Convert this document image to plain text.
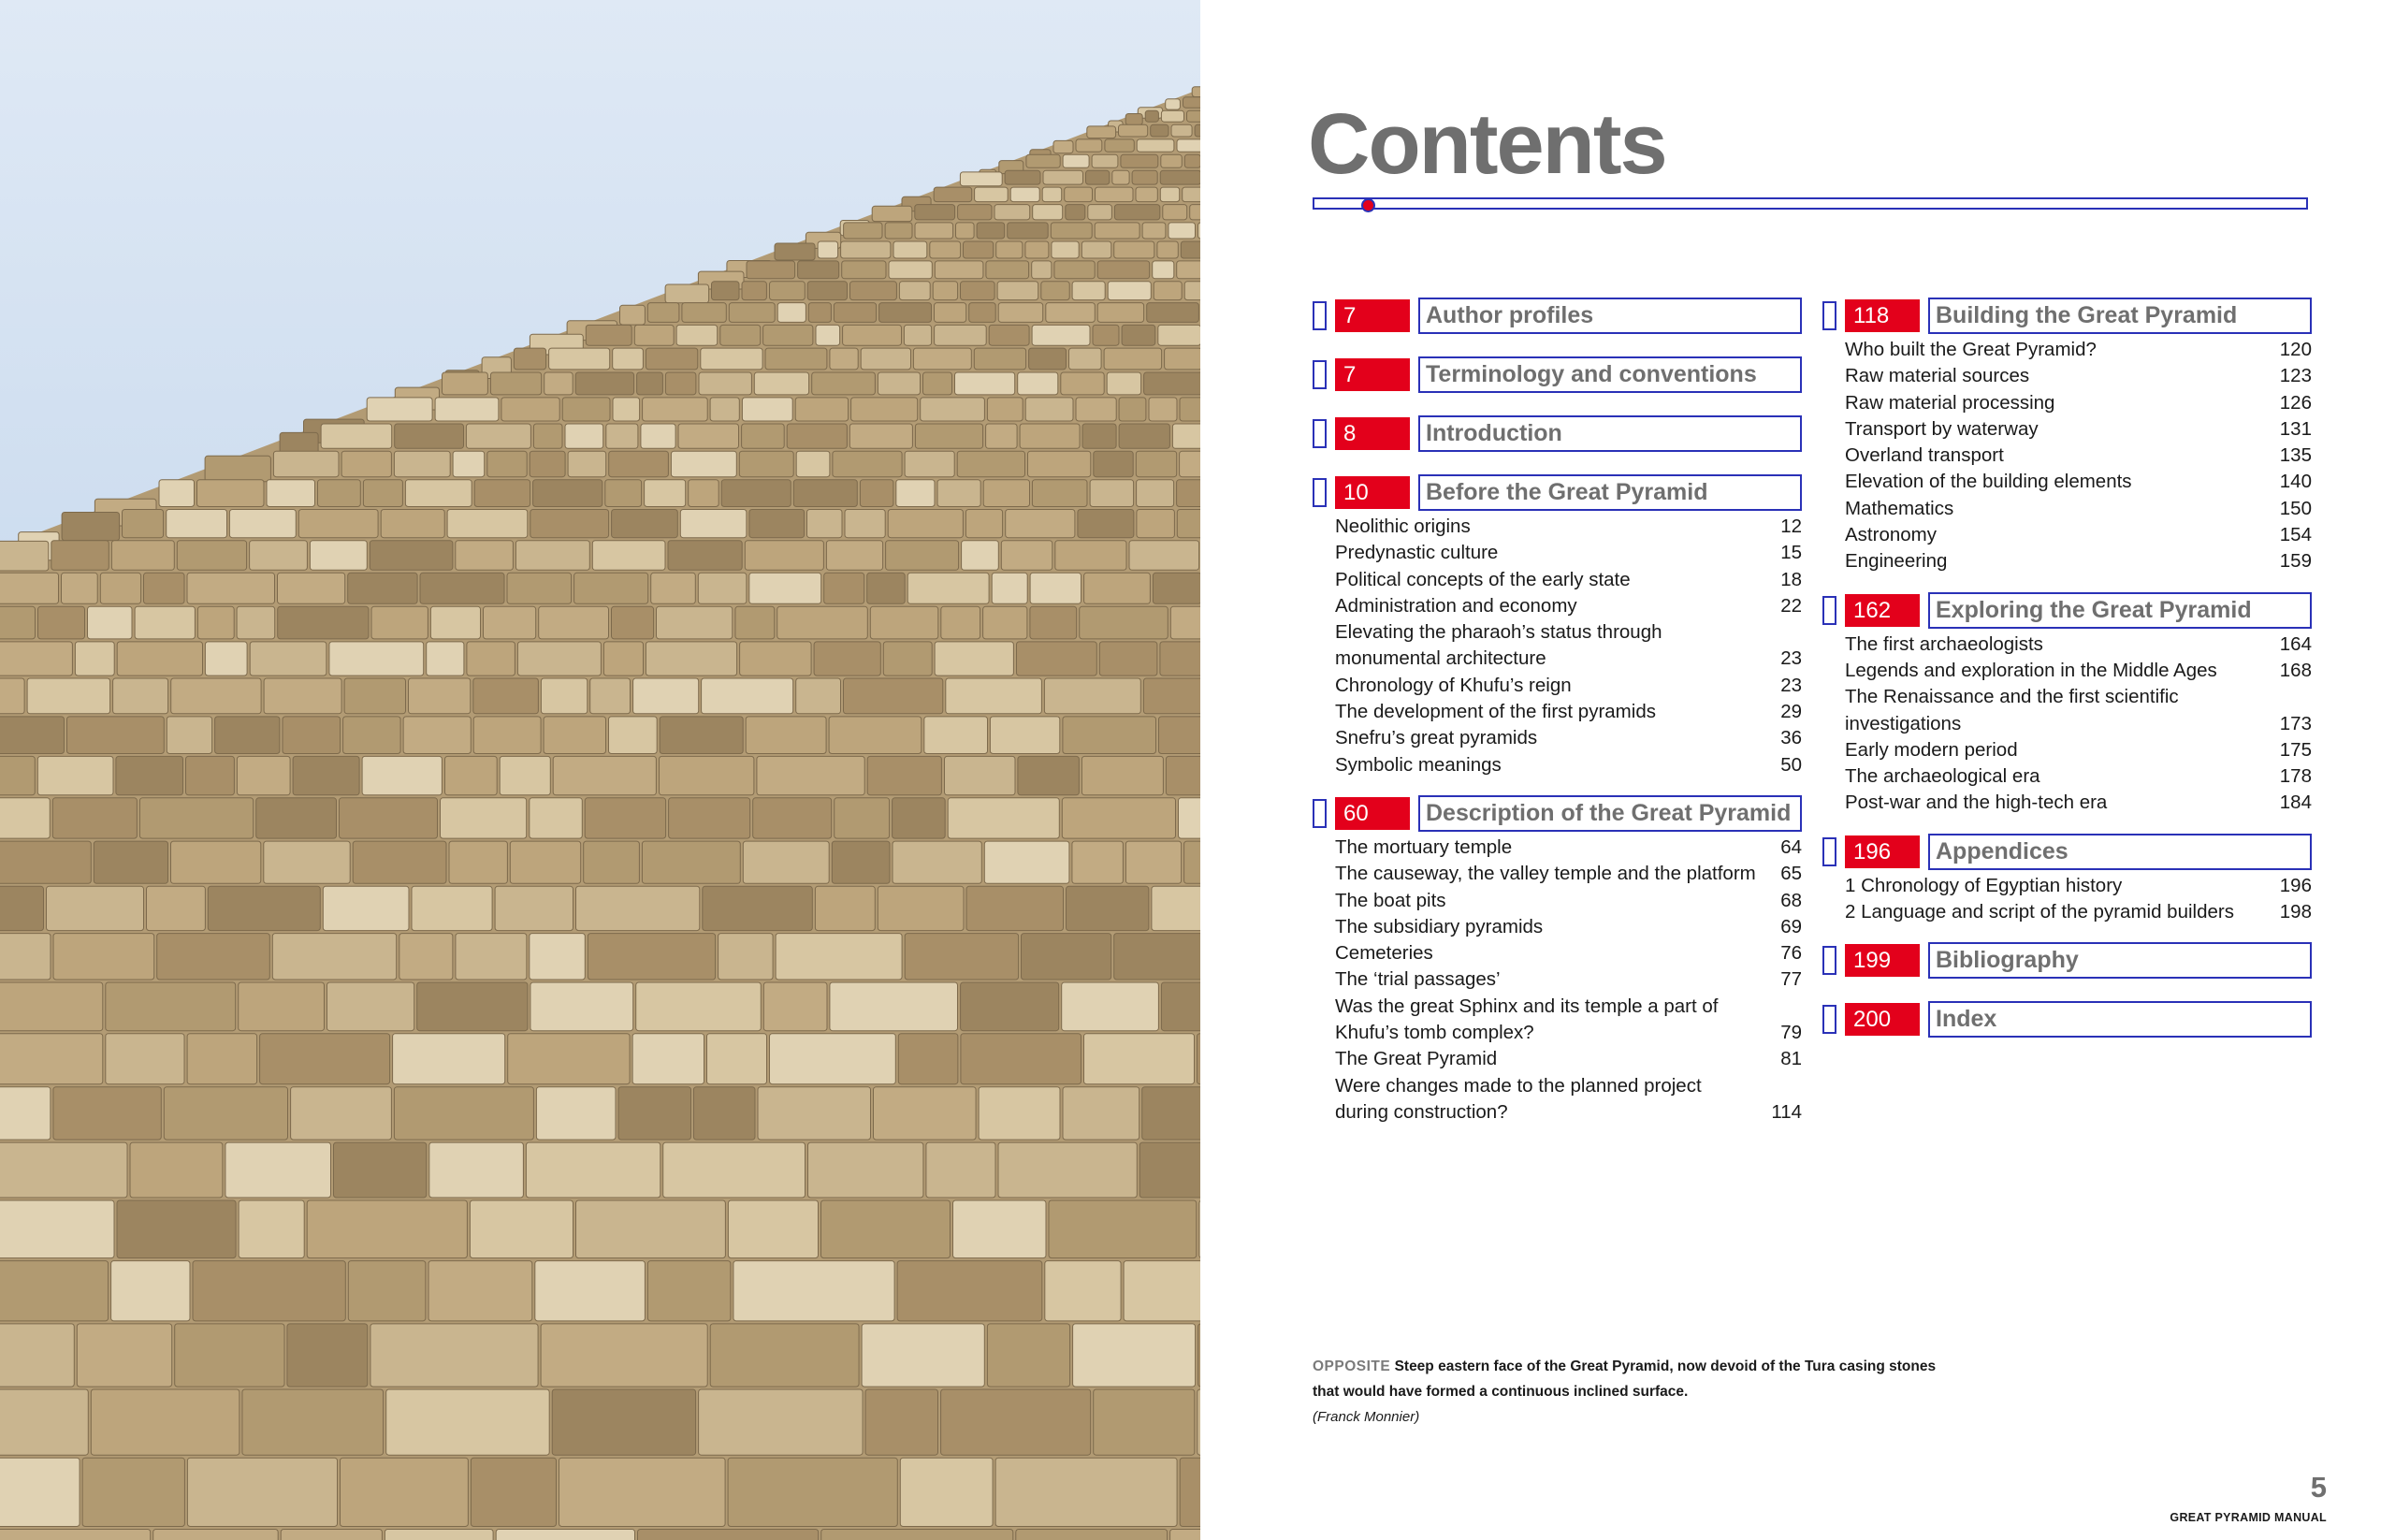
Contents
7	Author profiles
7	Terminology and conventions
8	Introduction
10	Before the Great Pyramid
Neolithic origins	12
Predynastic culture	15
Political concepts of the early state	18
Administration and economy	22
Elevating the pharaoh’s status through
monumental architecture	23
Chronology of Khufu’s reign	23
The development of the first pyramids	29
Snefru’s great pyramids	36
Symbolic meanings	50
60	Description of the Great Pyramid
The mortuary temple	64
The causeway, the valley temple and the platform 65
The boat pits	68
The subsidiary pyramids	69
Cemeteries	76
The ‘trial passages’	77
Was the great Sphinx and its temple a part of
Khufu’s tomb complex?	79
The Great Pyramid	81
Were changes made to the planned project
during construction?	114
118	Building the Great Pyramid
Who built the Great Pyramid?	120
Raw material sources	123
Raw material processing	126
Transport by waterway	131
Overland transport	135
Elevation of the building elements	140
Mathematics	150
Astronomy	154
Engineering	159
162	Exploring the Great Pyramid
The first archaeologists	164
Legends and exploration in the Middle Ages	168
The Renaissance and the first scientific
investigations	173
Early modern period	175
The archaeological era	178
Post-war and the high-tech era	184
196	Appendices
1 Chronology of Egyptian history	196
2 Language and script of the pyramid builders 198
199	Bibliography
200	Index
OPPOSITE Steep eastern face of the Great Pyramid, now devoid of the Tura casing stones that would have formed a continuous inclined surface.
(Franck Monnier)
5
GREAT PYRAMID MANUAL
